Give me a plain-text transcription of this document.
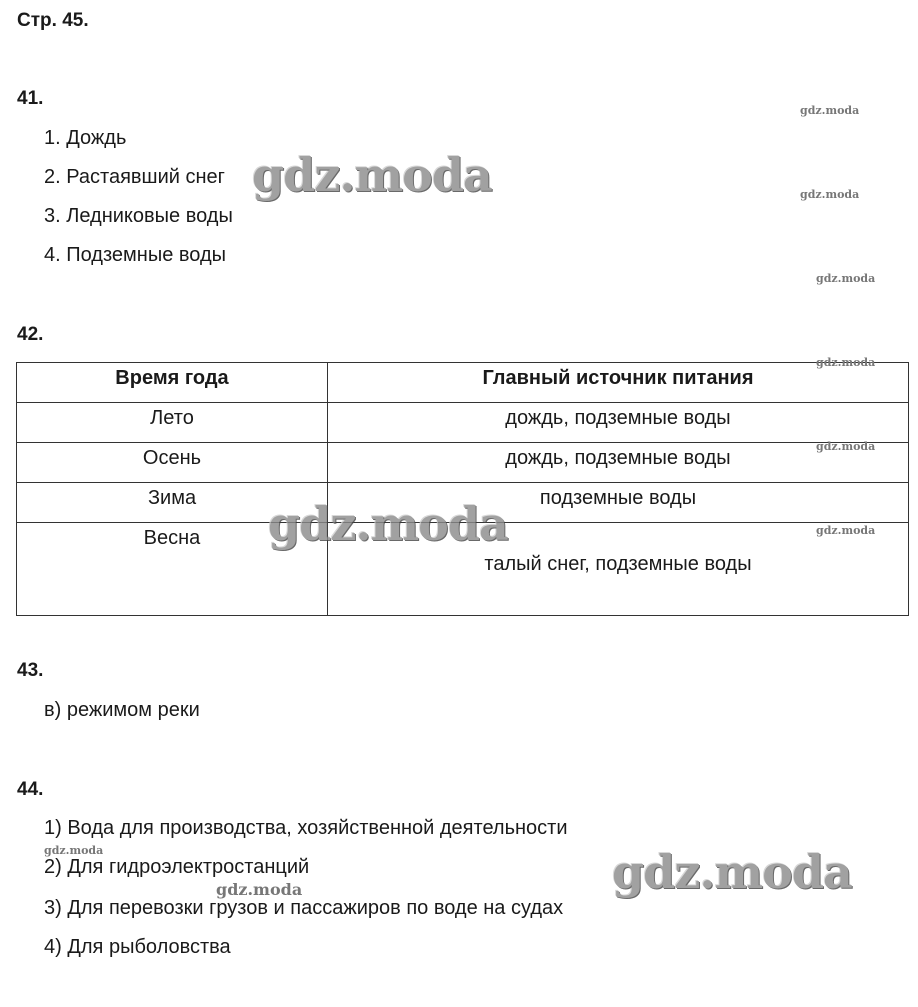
Стр. 45.
41.
1. Дождь
2. Растаявший снег
3. Ледниковые воды
4. Подземные воды
42.
Время года	Главный источник питания
Лето	дождь, подземные воды
Осень	дождь, подземные воды
Зима	подземные воды
Весна	талый снег, подземные воды
43.
в) режимом реки
44.
1) Вода для производства, хозяйственной деятельности
2) Для гидроэлектростанций
3) Для перевозки грузов и пассажиров по воде на судах
4) Для рыболовства
gdz.moda
gdz.moda
gdz.moda
gdz.moda
gdz.moda
gdz.moda
gdz.moda
gdz.moda
gdz.moda
gdz.moda
gdz.moda
